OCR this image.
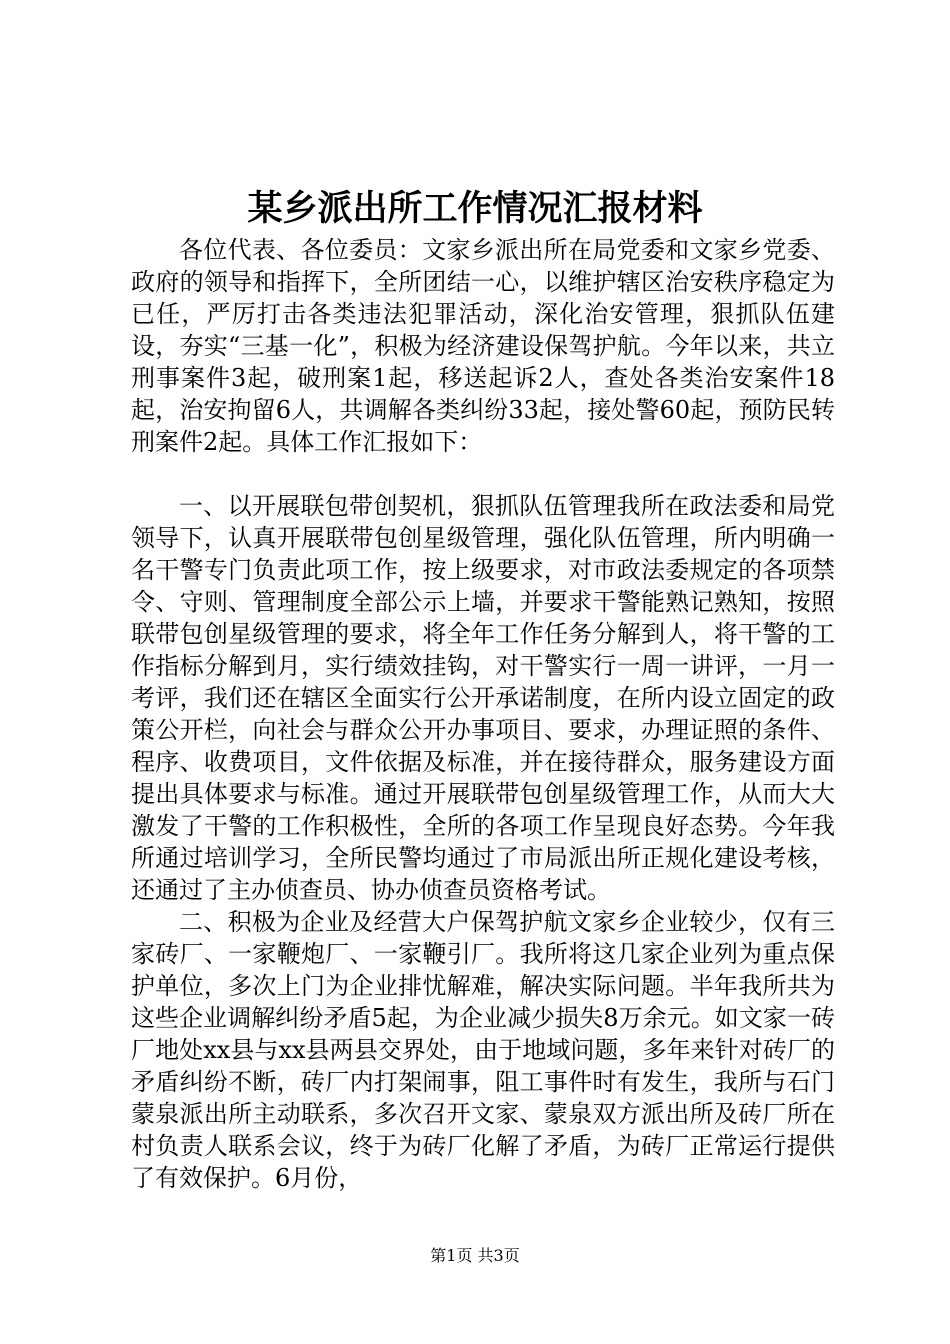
某乡派出所工作情况汇报材料

各位代表、各位委员：文家乡派出所在局党委和文家乡党委、政府的领导和指挥下，全所团结一心，以维护辖区治安秩序稳定为已任，严厉打击各类违法犯罪活动，深化治安管理，狠抓队伍建设，夯实“三基一化”，积极为经济建设保驾护航。今年以来，共立刑事案件3起，破刑案1起，移送起诉2人，查处各类治安案件18起，治安拘留6人，共调解各类纠纷33起，接处警60起，预防民转刑案件2起。具体工作汇报如下：

一、以开展联包带创契机，狠抓队伍管理我所在政法委和局党领导下，认真开展联带包创星级管理，强化队伍管理，所内明确一名干警专门负责此项工作，按上级要求，对市政法委规定的各项禁令、守则、管理制度全部公示上墙，并要求干警能熟记熟知，按照联带包创星级管理的要求，将全年工作任务分解到人，将干警的工作指标分解到月，实行绩效挂钩，对干警实行一周一讲评，一月一考评，我们还在辖区全面实行公开承诺制度，在所内设立固定的政策公开栏，向社会与群众公开办事项目、要求，办理证照的条件、程序、收费项目，文件依据及标准，并在接待群众，服务建设方面提出具体要求与标准。通过开展联带包创星级管理工作，从而大大激发了干警的工作积极性，全所的各项工作呈现良好态势。今年我所通过培训学习，全所民警均通过了市局派出所正规化建设考核，还通过了主办侦查员、协办侦查员资格考试。

二、积极为企业及经营大户保驾护航文家乡企业较少，仅有三家砖厂、一家鞭炮厂、一家鞭引厂。我所将这几家企业列为重点保护单位，多次上门为企业排忧解难，解决实际问题。半年我所共为这些企业调解纠纷矛盾5起，为企业减少损失8万余元。如文家一砖厂地处xx县与xx县两县交界处，由于地域问题，多年来针对砖厂的矛盾纠纷不断，砖厂内打架闹事，阻工事件时有发生，我所与石门蒙泉派出所主动联系，多次召开文家、蒙泉双方派出所及砖厂所在村负责人联系会议，终于为砖厂化解了矛盾，为砖厂正常运行提供了有效保护。6月份，

第1页 共3页
